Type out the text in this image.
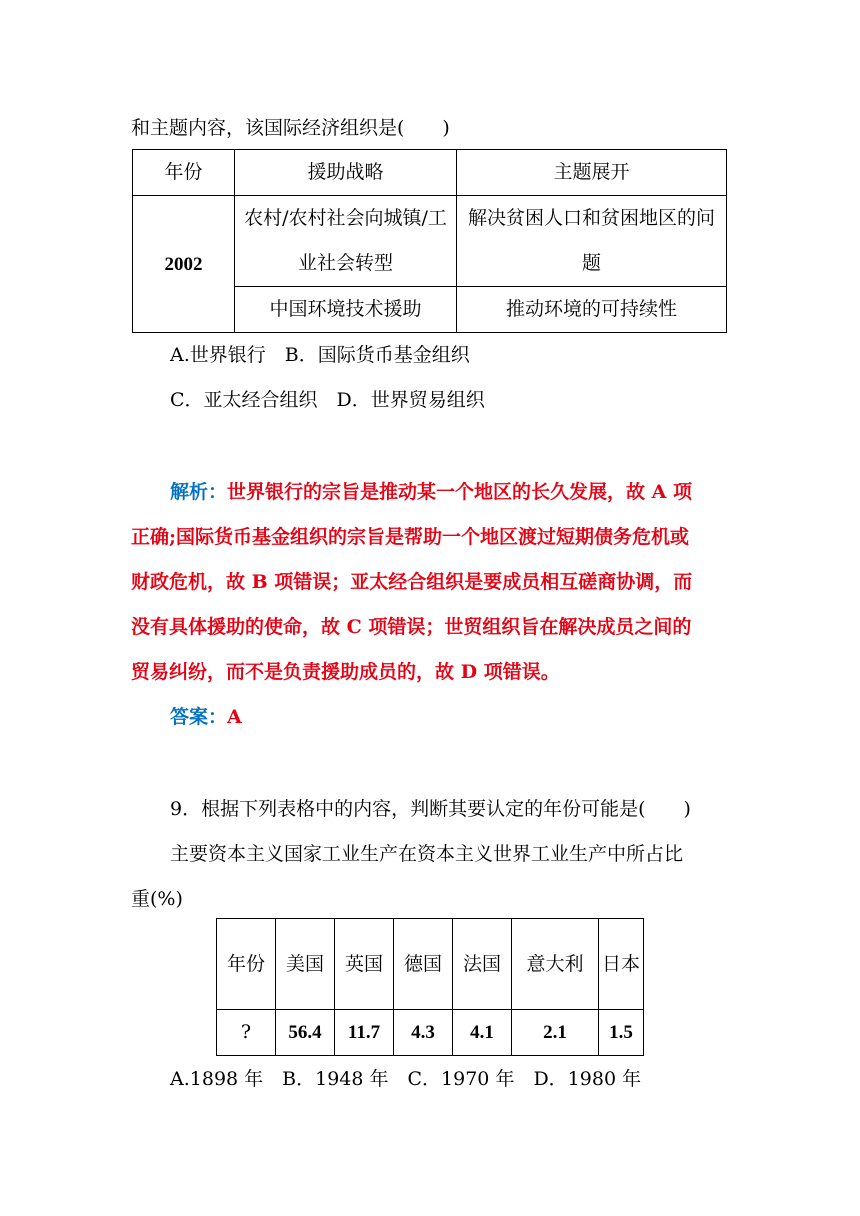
和主题内容，该国际经济组织是(　　)
年份	援助战略	主题展开
2002	农村/农村社会向城镇/工业社会转型	解决贫困人口和贫困地区的问题
	中国环境技术援助	推动环境的可持续性
A.世界银行　B．国际货币基金组织
C．亚太经合组织　D．世界贸易组织
解析：世界银行的宗旨是推动某一个地区的长久发展，故 A 项
正确;国际货币基金组织的宗旨是帮助一个地区渡过短期债务危机或
财政危机，故 B 项错误；亚太经合组织是要成员相互磋商协调，而
没有具体援助的使命，故 C 项错误；世贸组织旨在解决成员之间的
贸易纠纷，而不是负责援助成员的，故 D 项错误。
答案：A
9．根据下列表格中的内容，判断其要认定的年份可能是(　　)
主要资本主义国家工业生产在资本主义世界工业生产中所占比
重(%)
年份	美国	英国	德国	法国	意大利	日本
?	56.4	11.7	4.3	4.1	2.1	1.5
A.1898 年　B．1948 年　C．1970 年　D．1980 年
